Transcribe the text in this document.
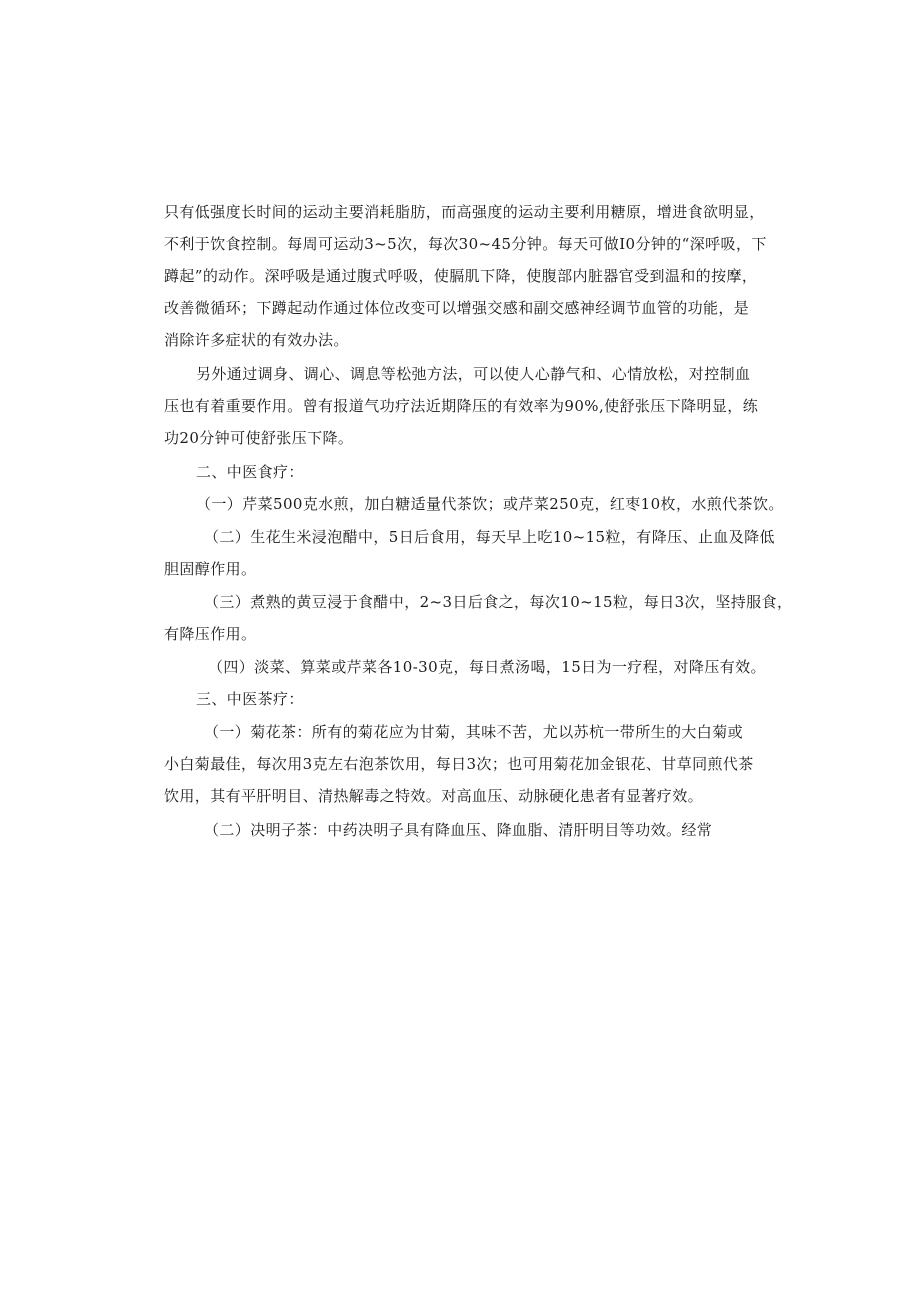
只有低强度长时间的运动主要消耗脂肪，而高强度的运动主要利用糖原，增进食欲明显，
不利于饮食控制。每周可运动3~5次，每次30~45分钟。每天可做I0分钟的“深呼吸，下
蹲起”的动作。深呼吸是通过腹式呼吸，使膈肌下降，使腹部内脏器官受到温和的按摩，
改善微循环；下蹲起动作通过体位改变可以增强交感和副交感神经调节血管的功能，是
消除许多症状的有效办法。
另外通过调身、调心、调息等松弛方法，可以使人心静气和、心情放松，对控制血
压也有着重要作用。曾有报道气功疗法近期降压的有效率为90%,使舒张压下降明显，练
功20分钟可使舒张压下降。
二、中医食疗：
（一）芹菜500克水煎，加白糖适量代茶饮；或芹菜250克，红枣10枚，水煎代茶饮。
（二）生花生米浸泡醋中，5日后食用，每天早上吃10~15粒，有降压、止血及降低
胆固醇作用。
（三）煮熟的黄豆浸于食醋中，2~3日后食之，每次10~15粒，每日3次，坚持服食，
有降压作用。
（四）淡菜、算菜或芹菜各10-30克，每日煮汤喝，15日为一疗程，对降压有效。
三、中医茶疗：
（一）菊花茶：所有的菊花应为甘菊，其味不苦，尤以苏杭一带所生的大白菊或
小白菊最佳，每次用3克左右泡茶饮用，每日3次；也可用菊花加金银花、甘草同煎代茶
饮用，其有平肝明目、清热解毒之特效。对高血压、动脉硬化患者有显著疗效。
（二）决明子茶：中药决明子具有降血压、降血脂、清肝明目等功效。经常
